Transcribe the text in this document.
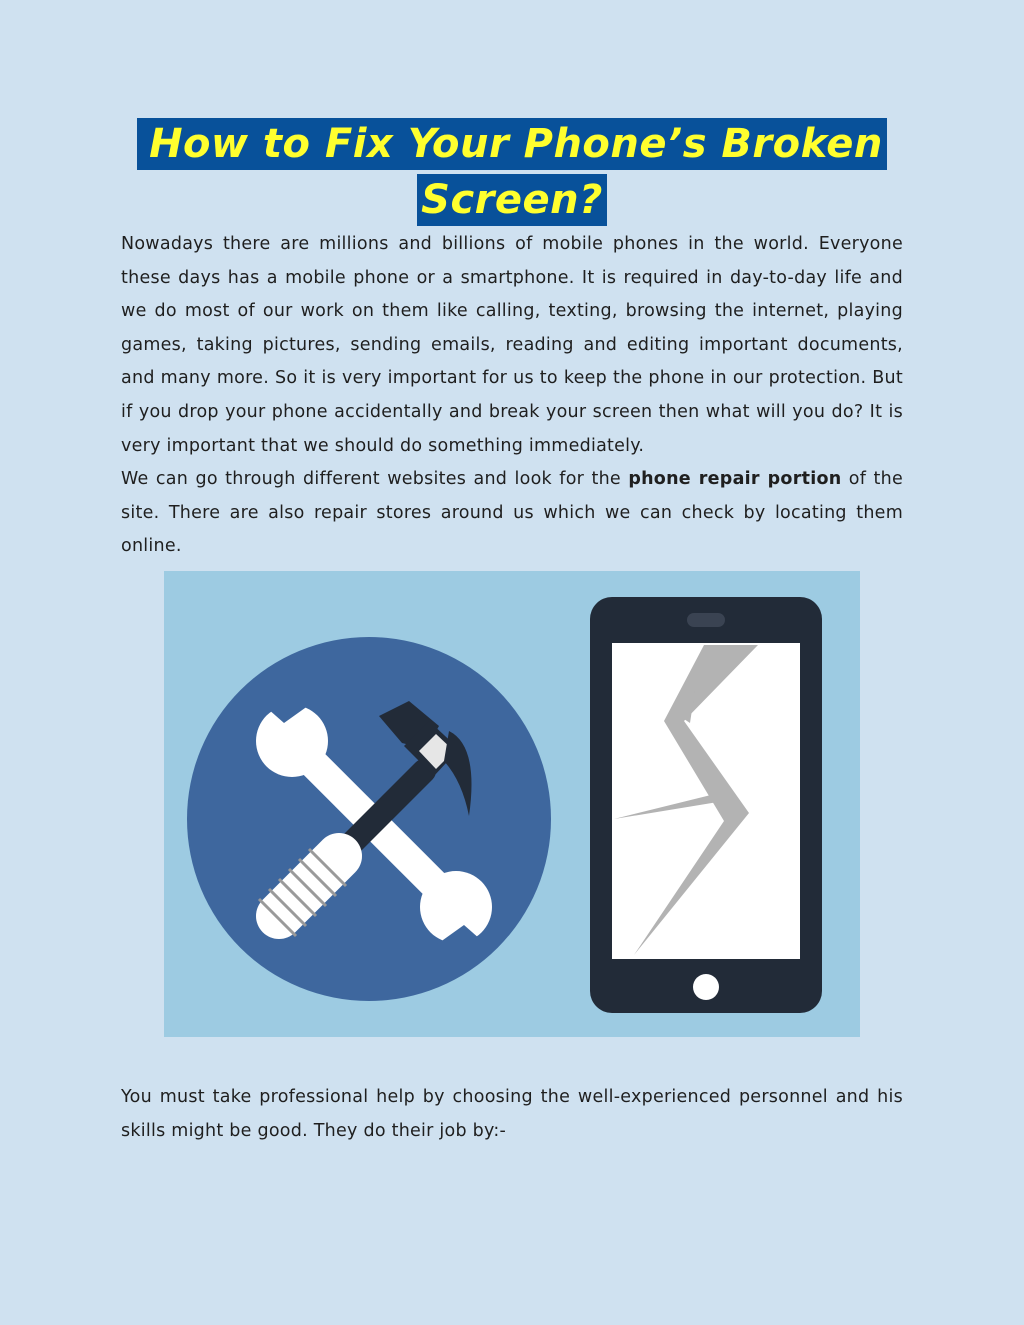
How to Fix Your Phone’s Broken
Screen?

Nowadays there are millions and billions of mobile phones in the world. Everyone these days has a mobile phone or a smartphone. It is required in day-to-day life and we do most of our work on them like calling, texting, browsing the internet, playing games, taking pictures, sending emails, reading and editing important documents, and many more. So it is very important for us to keep the phone in our protection. But if you drop your phone accidentally and break your screen then what will you do? It is very important that we should do something immediately.

We can go through different websites and look for the phone repair portion of the site. There are also repair stores around us which we can check by locating them online.

You must take professional help by choosing the well-experienced personnel and his skills might be good. They do their job by:-
